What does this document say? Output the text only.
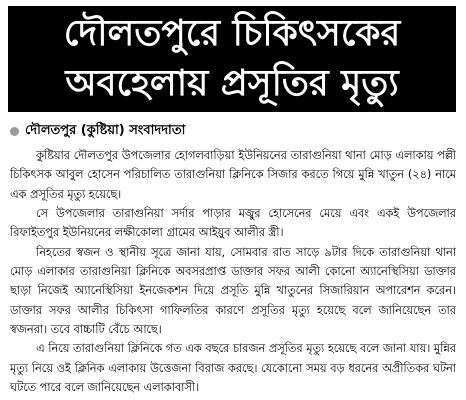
দৌলতপুরে চিকিৎসকের
অবহেলায় প্রসূতির মৃত্যু
দৌলতপুর (কুষ্টিয়া) সংবাদদাতা

কুষ্টিয়ার দৌলতপুর উপজেলার হোগলবাড়িয়া ইউনিয়নের তারাগুনিয়া থানা মোড় এলাকায় পল্লী চিকিৎসক আবুল হোসেন পরিচালিত তারাগুনিয়া ক্লিনিকে সিজার করতে গিয়ে মুন্নি খাতুন (২৪) নামে এক প্রসূতির মৃত্যু হয়েছে।

সে উপজেলার তারাগুনিয়া সর্দার পাড়ার মজ্বুর হোসেনের মেয়ে এবং একই উপজেলার রিফাইতপুর ইউনিয়নের লক্ষীকোলা গ্রামের আইয়ুব আলীর স্ত্রী।

নিহতের স্বজন ও স্থানীয় সূত্রে জানা যায়, সোমবার রাত সাড়ে ৯টার দিকে তারাগুনিয়া থানা মোড় এলাকার তারাগুনিয়া ক্লিনিকে অবসরপ্রাপ্ত ডাক্তার সফর আলী কোনো অ্যানেস্থিসিয়া ডাক্তার ছাড়া নিজেই অ্যানেস্থিসিয়া ইনজেকশন দিয়ে প্রসূতি মুন্নি খাতুনের সিজারিয়ান অপারেশন করেন। ডাক্তার সফর আলীর চিকিৎসা গাফিলতির কারণে প্রসূতির মৃত্যু হয়েছে বলে জানিয়েছেন তার স্বজনরা। তবে বাচ্চাটি বেঁচে আছে।

এ নিয়ে তারাগুনিয়া ক্লিনিকে গত এক বছরে চারজন প্রসূতির মৃত্যু হয়েছে বলে জানা যায়। মুন্নির মৃত্যু নিয়ে ওই ক্লিনিক এলাকায় উত্তেজনা বিরাজ করছে। যেকোনো সময় বড় ধরনের অপ্রীতিকর ঘটনা ঘটতে পারে বলে জানিয়েছেন এলাকাবাসী।
